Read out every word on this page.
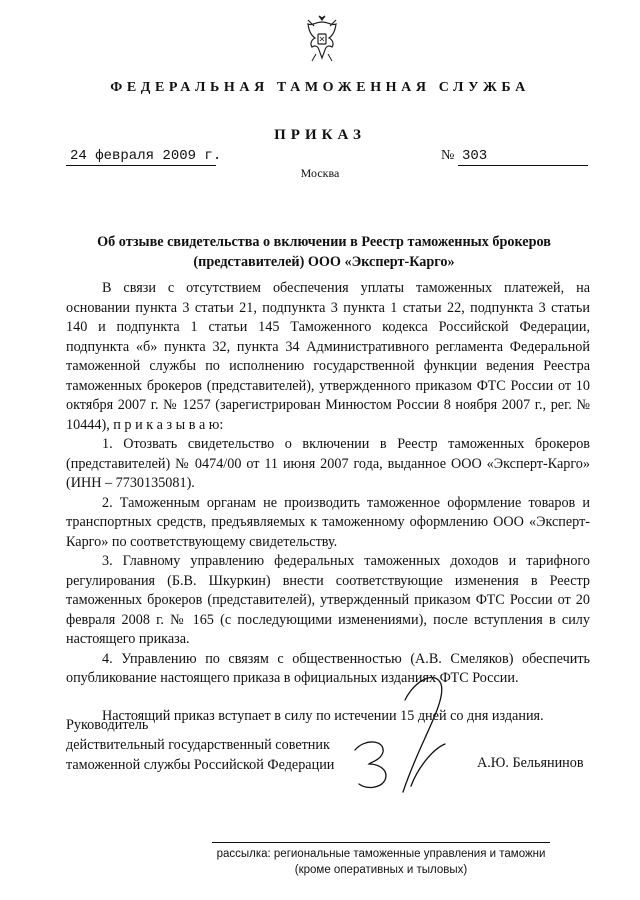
ФЕДЕРАЛЬНАЯ ТАМОЖЕННАЯ СЛУЖБА
ПРИКАЗ
24 февраля 2009 г.	№ 303
Москва
Об отзыве свидетельства о включении в Реестр таможенных брокеров (представителей) ООО «Эксперт-Карго»

В связи с отсутствием обеспечения уплаты таможенных платежей, на основании пункта 3 статьи 21, подпункта 3 пункта 1 статьи 22, подпункта 3 статьи 140 и подпункта 1 статьи 145 Таможенного кодекса Российской Федерации, подпункта «б» пункта 32, пункта 34 Административного регламента Федеральной таможенной службы по исполнению государственной функции ведения Реестра таможенных брокеров (представителей), утвержденного приказом ФТС России от 10 октября 2007 г. № 1257 (зарегистрирован Минюстом России 8 ноября 2007 г., рег. № 10444), п р и к а з ы в а ю:

1. Отозвать свидетельство о включении в Реестр таможенных брокеров (представителей) № 0474/00 от 11 июня 2007 года, выданное ООО «Эксперт-Карго» (ИНН – 7730135081).

2. Таможенным органам не производить таможенное оформление товаров и транспортных средств, предъявляемых к таможенному оформлению ООО «Эксперт-Карго» по соответствующему свидетельству.

3. Главному управлению федеральных таможенных доходов и тарифного регулирования (Б.В. Шкуркин) внести соответствующие изменения в Реестр таможенных брокеров (представителей), утвержденный приказом ФТС России от 20 февраля 2008 г. № 165 (с последующими изменениями), после вступления в силу настоящего приказа.

4. Управлению по связям с общественностью (А.В. Смеляков) обеспечить опубликование настоящего приказа в официальных изданиях ФТС России.

Настоящий приказ вступает в силу по истечении 15 дней со дня издания.

Руководитель
действительный государственный советник
таможенной службы Российской Федерации	А.Ю. Бельянинов
рассылка: региональные таможенные управления и таможни
(кроме оперативных и тыловых)
